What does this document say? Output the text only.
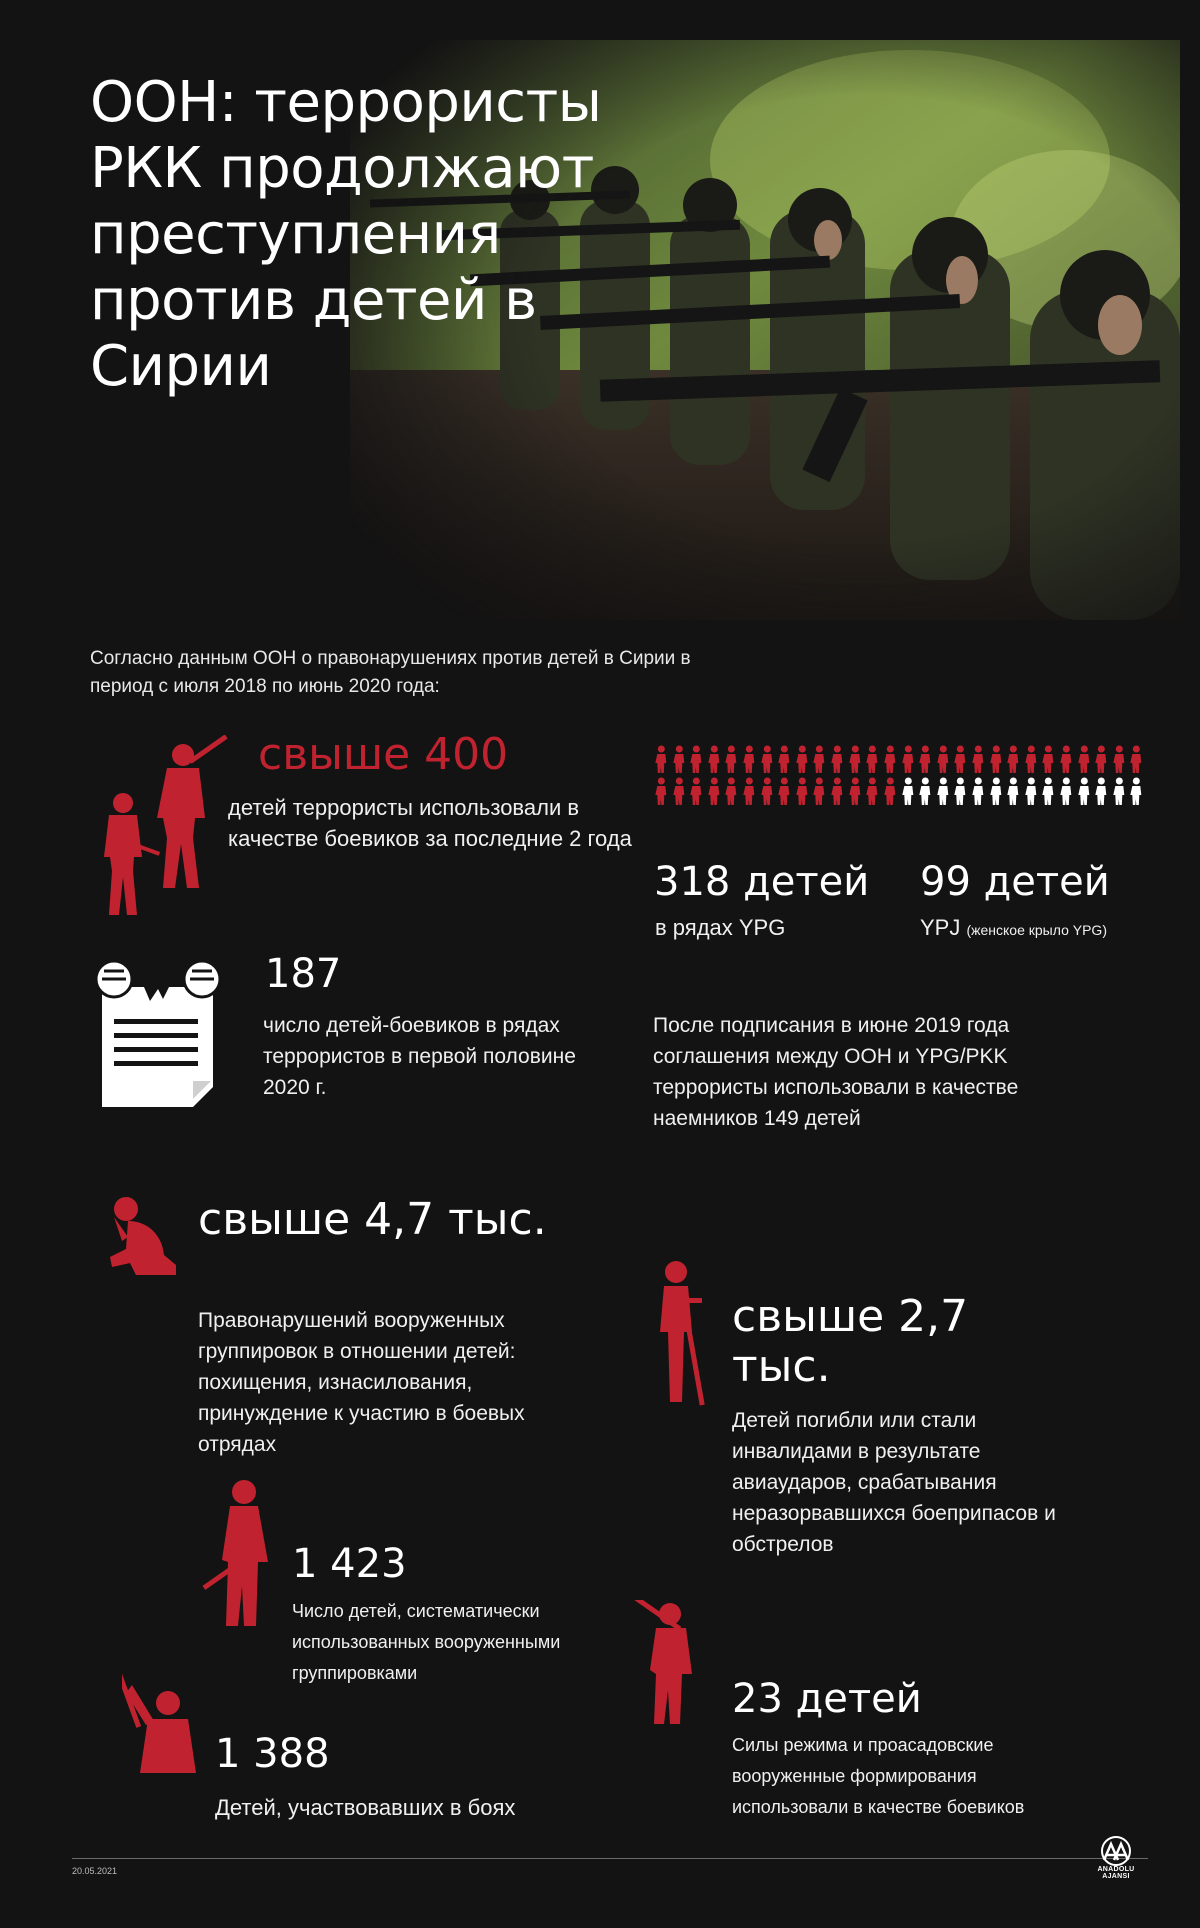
ООН: террористы
РКК продолжают
преступления
против детей в
Сирии
Согласно данным ООН о правонарушениях против детей в Сирии в период с июля 2018 по июнь 2020 года:
свыше 400
детей террористы использовали в качестве боевиков за последние 2 года
318 детей
в рядах YPG
99 детей
YPJ (женское крыло YPG)
187
число детей-боевиков в рядах террористов в первой половине 2020 г.
После подписания в июне 2019 года соглашения между ООН и YPG/PKK террористы использовали в качестве наемников 149 детей
свыше 4,7 тыс.
Правонарушений вооруженных группировок в отношении детей: похищения, изнасилования, принуждение к участию в боевых отрядах
свыше 2,7 тыс.
Детей погибли или стали инвалидами в результате авиаударов, срабатывания неразорвавшихся боеприпасов и обстрелов
1 423
Число детей, систематически использованных вооруженными группировками
23 детей
Силы режима и проасадовские вооруженные формирования использовали в качестве боевиков
1 388
Детей, участвовавших в боях
20.05.2021	ANADOLU AJANSI
